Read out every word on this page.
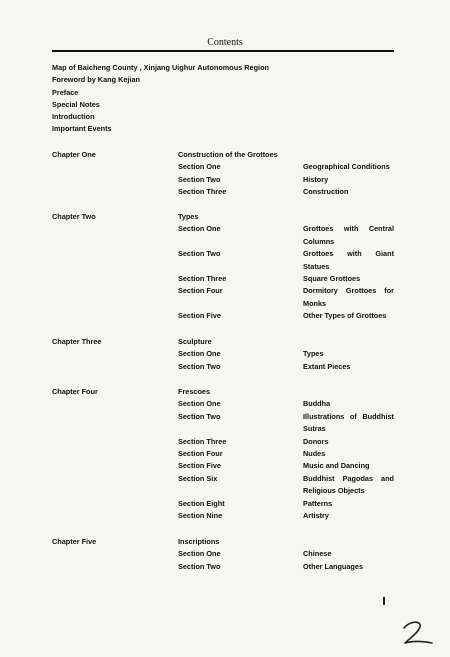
Contents
Map of Baicheng County , Xinjang Uighur Autonomous Region
Foreword by Kang Kejian
Preface
Special Notes
Introduction
Important Events
Chapter One	Construction of the Grottoes
Section One	Geographical Conditions
Section Two	History
Section Three	Construction
Chapter Two	Types
Section One	Grottoes with Central
Columns
Section Two	Grottoes with Giant
Statues
Section Three	Square Grottoes
Section Four	Dormitory Grottoes for
Monks
Section Five	Other Types of Grottoes
Chapter Three	Sculpture
Section One	Types
Section Two	Extant Pieces
Chapter Four	Frescoes
Section One	Buddha
Section Two	Illustrations of Buddhist
Sutras
Section Three	Donors
Section Four	Nudes
Section Five	Music and Dancing
Section Six	Buddhist Pagodas and
Religious Objects
Section Eight	Patterns
Section Nine	Artistry
Chapter Five	Inscriptions
Section One	Chinese
Section Two	Other Languages
